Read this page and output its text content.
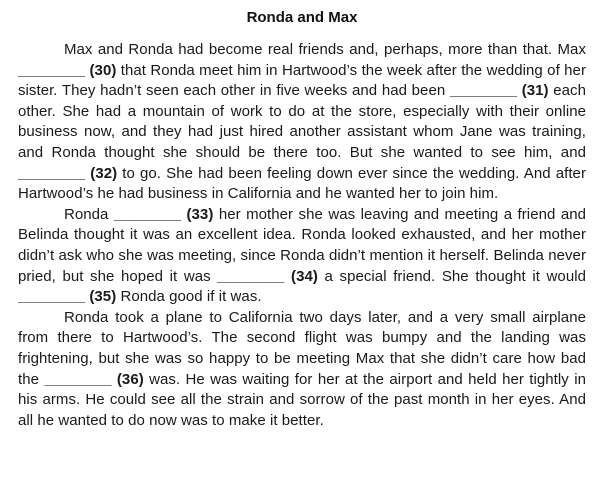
Ronda and Max

Max and Ronda had become real friends and, perhaps, more than that. Max ________ (30) that Ronda meet him in Hartwood’s the week after the wedding of her sister. They hadn’t seen each other in five weeks and had been ________ (31) each other. She had a mountain of work to do at the store, especially with their online business now, and they had just hired another assistant whom Jane was training, and Ronda thought she should be there too. But she wanted to see him, and ________ (32) to go. She had been feeling down ever since the wedding. And after Hartwood’s he had business in California and he wanted her to join him.

Ronda ________ (33) her mother she was leaving and meeting a friend and Belinda thought it was an excellent idea. Ronda looked exhausted, and her mother didn’t ask who she was meeting, since Ronda didn’t mention it herself. Belinda never pried, but she hoped it was ________ (34) a special friend. She thought it would ________ (35) Ronda good if it was.

Ronda took a plane to California two days later, and a very small airplane from there to Hartwood’s. The second flight was bumpy and the landing was frightening, but she was so happy to be meeting Max that she didn’t care how bad the ________ (36) was. He was waiting for her at the airport and held her tightly in his arms. He could see all the strain and sorrow of the past month in her eyes. And all he wanted to do now was to make it better.
